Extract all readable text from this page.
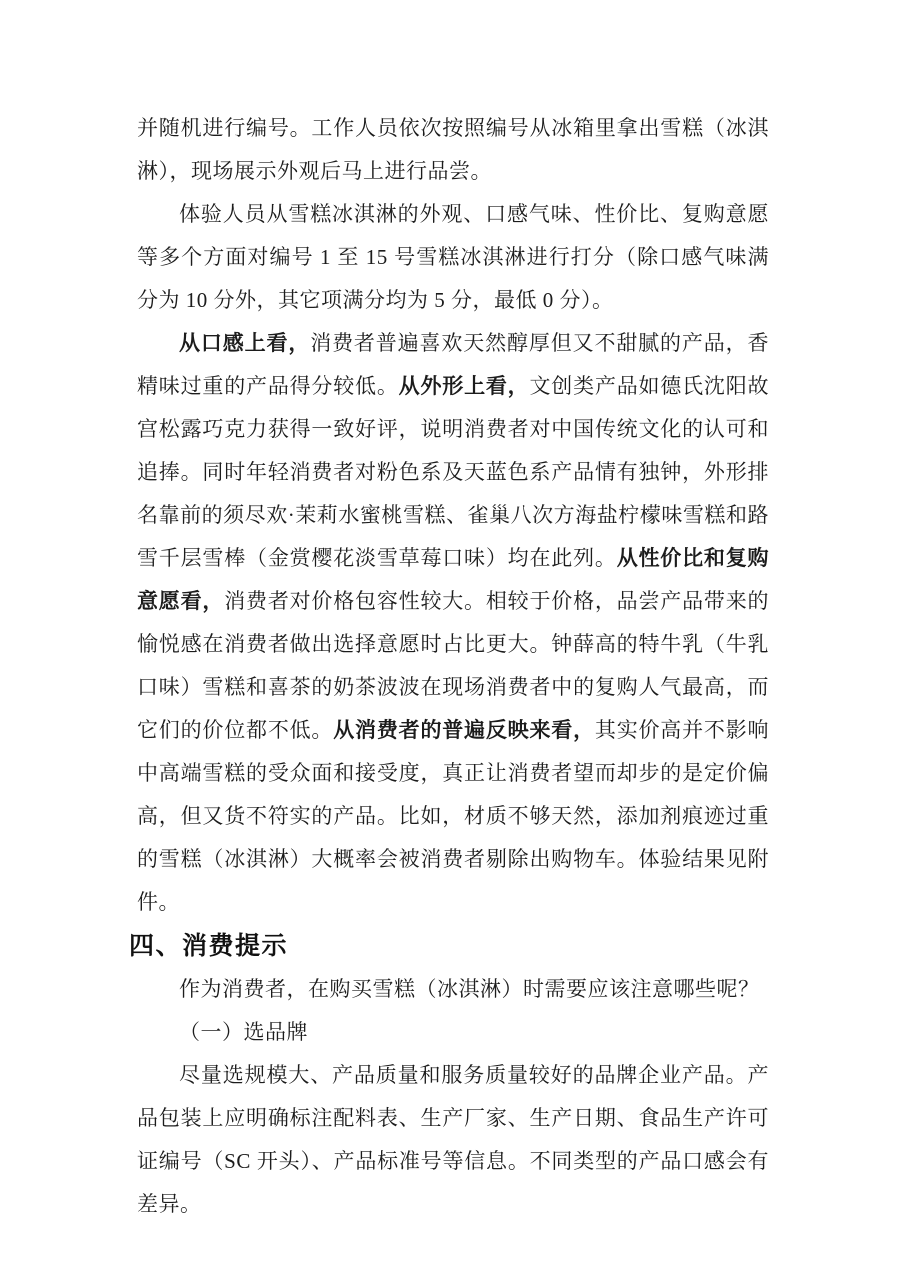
并随机进行编号。工作人员依次按照编号从冰箱里拿出雪糕（冰淇淋），现场展示外观后马上进行品尝。

体验人员从雪糕冰淇淋的外观、口感气味、性价比、复购意愿等多个方面对编号 1 至 15 号雪糕冰淇淋进行打分（除口感气味满分为 10 分外，其它项满分均为 5 分，最低 0 分）。

从口感上看，消费者普遍喜欢天然醇厚但又不甜腻的产品，香精味过重的产品得分较低。从外形上看，文创类产品如德氏沈阳故宫松露巧克力获得一致好评，说明消费者对中国传统文化的认可和追捧。同时年轻消费者对粉色系及天蓝色系产品情有独钟，外形排名靠前的须尽欢·茉莉水蜜桃雪糕、雀巢八次方海盐柠檬味雪糕和路雪千层雪棒（金赏樱花淡雪草莓口味）均在此列。从性价比和复购意愿看，消费者对价格包容性较大。相较于价格，品尝产品带来的愉悦感在消费者做出选择意愿时占比更大。钟薛高的特牛乳（牛乳口味）雪糕和喜茶的奶茶波波在现场消费者中的复购人气最高，而它们的价位都不低。从消费者的普遍反映来看，其实价高并不影响中高端雪糕的受众面和接受度，真正让消费者望而却步的是定价偏高，但又货不符实的产品。比如，材质不够天然，添加剂痕迹过重的雪糕（冰淇淋）大概率会被消费者剔除出购物车。体验结果见附件。

四、消费提示

作为消费者，在购买雪糕（冰淇淋）时需要应该注意哪些呢？

（一）选品牌

尽量选规模大、产品质量和服务质量较好的品牌企业产品。产品包装上应明确标注配料表、生产厂家、生产日期、食品生产许可证编号（SC 开头）、产品标准号等信息。不同类型的产品口感会有差异。
